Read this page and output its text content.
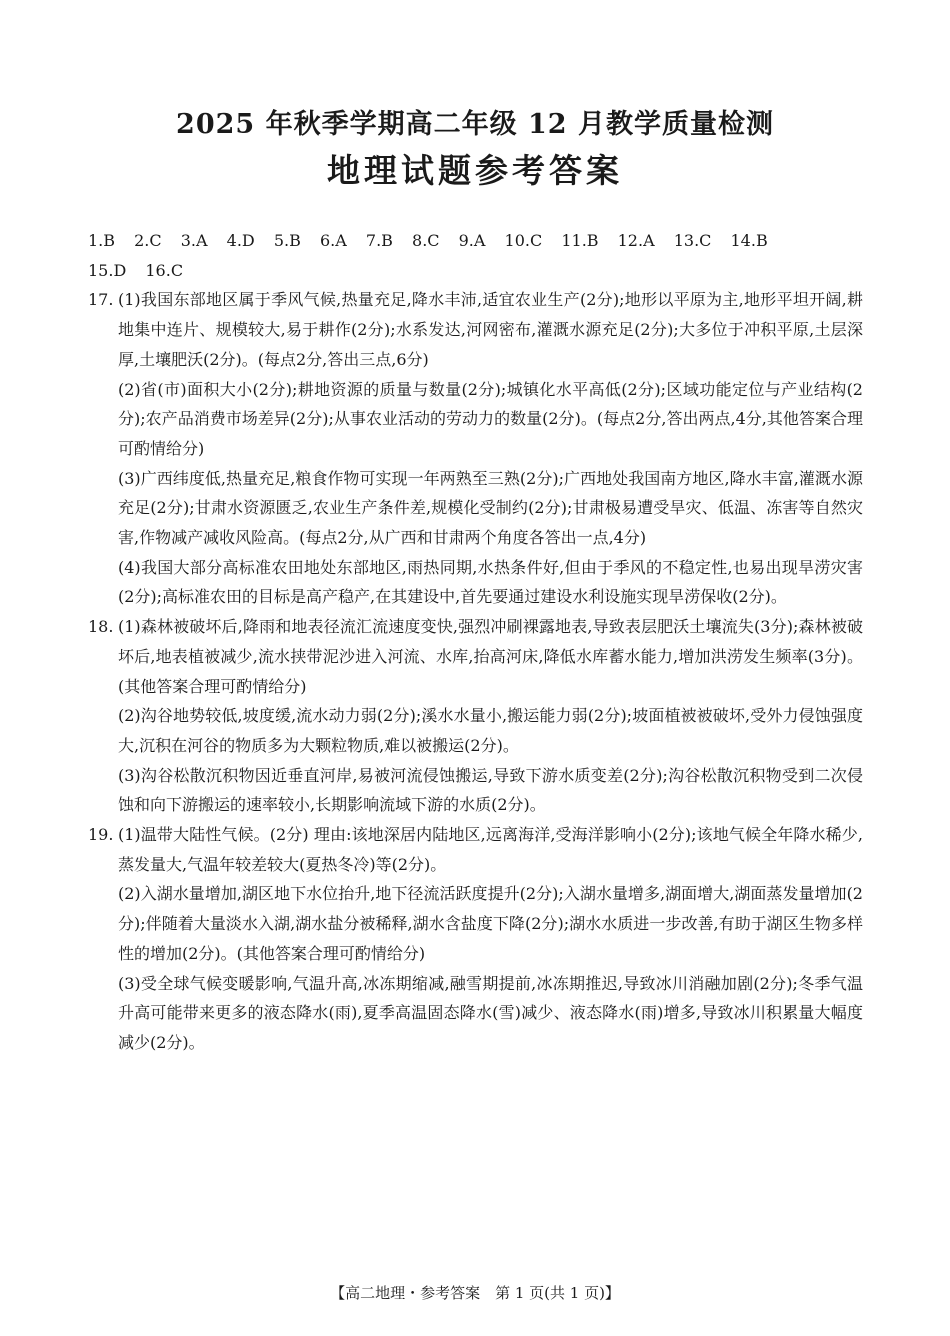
2025 年秋季学期高二年级 12 月教学质量检测
地理试题参考答案
1.B 2.C 3.A 4.D 5.B 6.A 7.B 8.C 9.A 10.C 11.B 12.A 13.C 14.B
15.D 16.C
17. (1)我国东部地区属于季风气候,热量充足,降水丰沛,适宜农业生产(2分);地形以平原为主,地形平坦开阔,耕地集中连片、规模较大,易于耕作(2分);水系发达,河网密布,灌溉水源充足(2分);大多位于冲积平原,土层深厚,土壤肥沃(2分)。(每点2分,答出三点,6分)
(2)省(市)面积大小(2分);耕地资源的质量与数量(2分);城镇化水平高低(2分);区域功能定位与产业结构(2分);农产品消费市场差异(2分);从事农业活动的劳动力的数量(2分)。(每点2分,答出两点,4分,其他答案合理可酌情给分)
(3)广西纬度低,热量充足,粮食作物可实现一年两熟至三熟(2分);广西地处我国南方地区,降水丰富,灌溉水源充足(2分);甘肃水资源匮乏,农业生产条件差,规模化受制约(2分);甘肃极易遭受旱灾、低温、冻害等自然灾害,作物减产减收风险高。(每点2分,从广西和甘肃两个角度各答出一点,4分)
(4)我国大部分高标准农田地处东部地区,雨热同期,水热条件好,但由于季风的不稳定性,也易出现旱涝灾害(2分);高标准农田的目标是高产稳产,在其建设中,首先要通过建设水利设施实现旱涝保收(2分)。
18. (1)森林被破坏后,降雨和地表径流汇流速度变快,强烈冲刷裸露地表,导致表层肥沃土壤流失(3分);森林被破坏后,地表植被减少,流水挟带泥沙进入河流、水库,抬高河床,降低水库蓄水能力,增加洪涝发生频率(3分)。(其他答案合理可酌情给分)
(2)沟谷地势较低,坡度缓,流水动力弱(2分);溪水水量小,搬运能力弱(2分);坡面植被被破坏,受外力侵蚀强度大,沉积在河谷的物质多为大颗粒物质,难以被搬运(2分)。
(3)沟谷松散沉积物因近垂直河岸,易被河流侵蚀搬运,导致下游水质变差(2分);沟谷松散沉积物受到二次侵蚀和向下游搬运的速率较小,长期影响流域下游的水质(2分)。
19. (1)温带大陆性气候。(2分) 理由:该地深居内陆地区,远离海洋,受海洋影响小(2分);该地气候全年降水稀少,蒸发量大,气温年较差较大(夏热冬冷)等(2分)。
(2)入湖水量增加,湖区地下水位抬升,地下径流活跃度提升(2分);入湖水量增多,湖面增大,湖面蒸发量增加(2分);伴随着大量淡水入湖,湖水盐分被稀释,湖水含盐度下降(2分);湖水水质进一步改善,有助于湖区生物多样性的增加(2分)。(其他答案合理可酌情给分)
(3)受全球气候变暖影响,气温升高,冰冻期缩减,融雪期提前,冰冻期推迟,导致冰川消融加剧(2分);冬季气温升高可能带来更多的液态降水(雨),夏季高温固态降水(雪)减少、液态降水(雨)增多,导致冰川积累量大幅度减少(2分)。
【高二地理・参考答案　第 1 页(共 1 页)】
